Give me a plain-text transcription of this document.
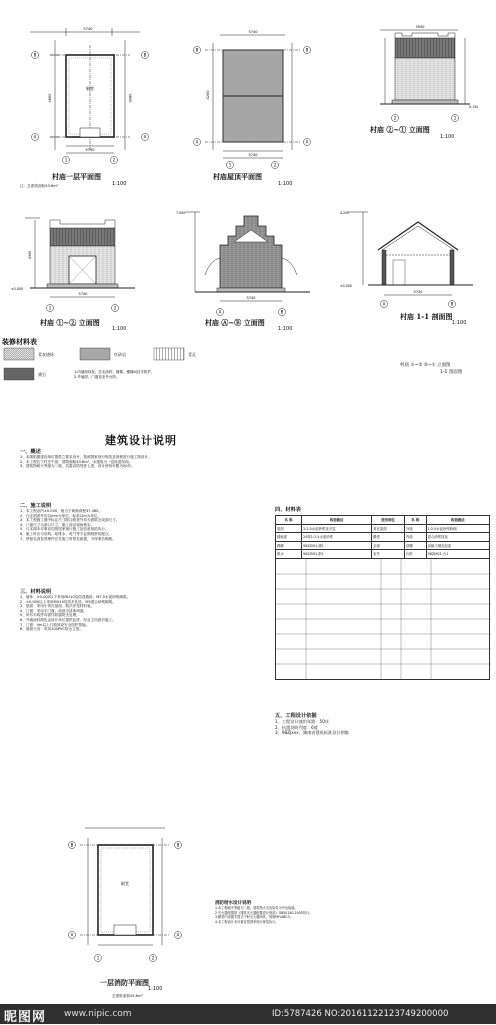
5740
5740
4800	3800
殿堂
B
A
B
A
1	2
注：总建筑面积43.6m²
村庙一层平面图
1:100
5740
5740
4200
B
A
B
A
1	2
村庙屋顶平面图
1:100
3940
-0.150
2	1
村庙 ②~① 立面图
1:100
5740
4300
±0.000
1	2
村庙 ①~② 立面图
1:100
5740
7.000
A	B
村庙 Ⓐ~Ⓑ 立面图
1:100
5740
4.200
±0.000
A	B
村庙 1-1 剖面图
1:100
装修材料表
青灰烧砖	红砂岩	青瓦
黛石	1.内墙面抹灰、拉毛涂料、楼梯、楼梯间扶手防护、
2.外墙面、门窗及室外台阶。
村庙 ①~② ②~① 立面图
1-1 剖面图
建筑设计说明
一、概述
1、本图根据建设单位提供之要求设计，按照国家现行规范及规程进行施工图设计。
2、本工程位于村庄中部，建筑面积43.6m²，本建筑为一层砖混结构。
3、建筑物耐火等级为二级，抗震设防烈度七度，设计使用年限为50年。
二、施工说明
1、本工程室内±0.000，相当于黄海高程37.360。
2、凡注明者外均以mm为单位，标高以m为单位。
3、本工程施工图中标注尺寸除注明者外均为建筑完成面尺寸。
4、门窗尺寸为洞口尺寸，施工前应现场核实。
5、凡本图未尽事宜均按国家现行施工及验收规范执行。
6、施工时应与结构、给排水、电气等专业图纸密切配合。
7、预留孔洞及预埋件应在施工时预先留置，不得事后剔凿。
三、材料说明
1、墙体：±0.000以下采用MU10烧结普通砖，M7.5水泥砂浆砌筑。
2、±0.000以上采用MU10烧结多孔砖，M5混合砂浆砌筑。
3、屋面：采用小青瓦屋面，做法详见材料表。
4、门窗：采用木门窗，油漆为清漆两道。
5、所有木构件均需作防腐防虫处理。
6、外墙涂料颜色由设计单位提供色样，经业主同意后施工。
7、门窗：4m以上门窗须设安全防护措施。
8、屋面天沟：采用100PVC排水立管。
四、材料表
名 称	构造做法	使用部位	名 称	构造做法
屋面	1:2.5水泥砂浆找平层	青瓦屋面	外墙	1:2.5水泥砂浆粉刷
楼地面	20厚1:2.5水泥砂浆	殿堂	内墙	混合砂浆抹灰
踢脚	98ZJ001-踢1	全部	顶棚	刮腻子刷乳胶漆
散水	98ZJ901-散1	室外	台阶	98ZJ901-台1
五、工程设计依据
1、工程设计使用年限：50年
2、抗震设防烈度：6度
3、98ZJxxx，湖南省建筑标准设计图集
殿堂
B
A
B
A
1	2
一层消防平面图
1:100
总建筑面积43.6m²
消防给水设计说明
1.本工程耐火等级为二级，建筑物火灾危险性为中危险级。
2.灭火器配置按《建筑灭火器配置设计规范》GB50140-2005执行。
3.殿堂内设置手提式干粉灭火器两具，规格MF/ABC3。
4.本工程设计未尽事宜按国家现行规范执行。
昵图网 www.nipic.com	ID:5787426 NO:20161122123749200000
